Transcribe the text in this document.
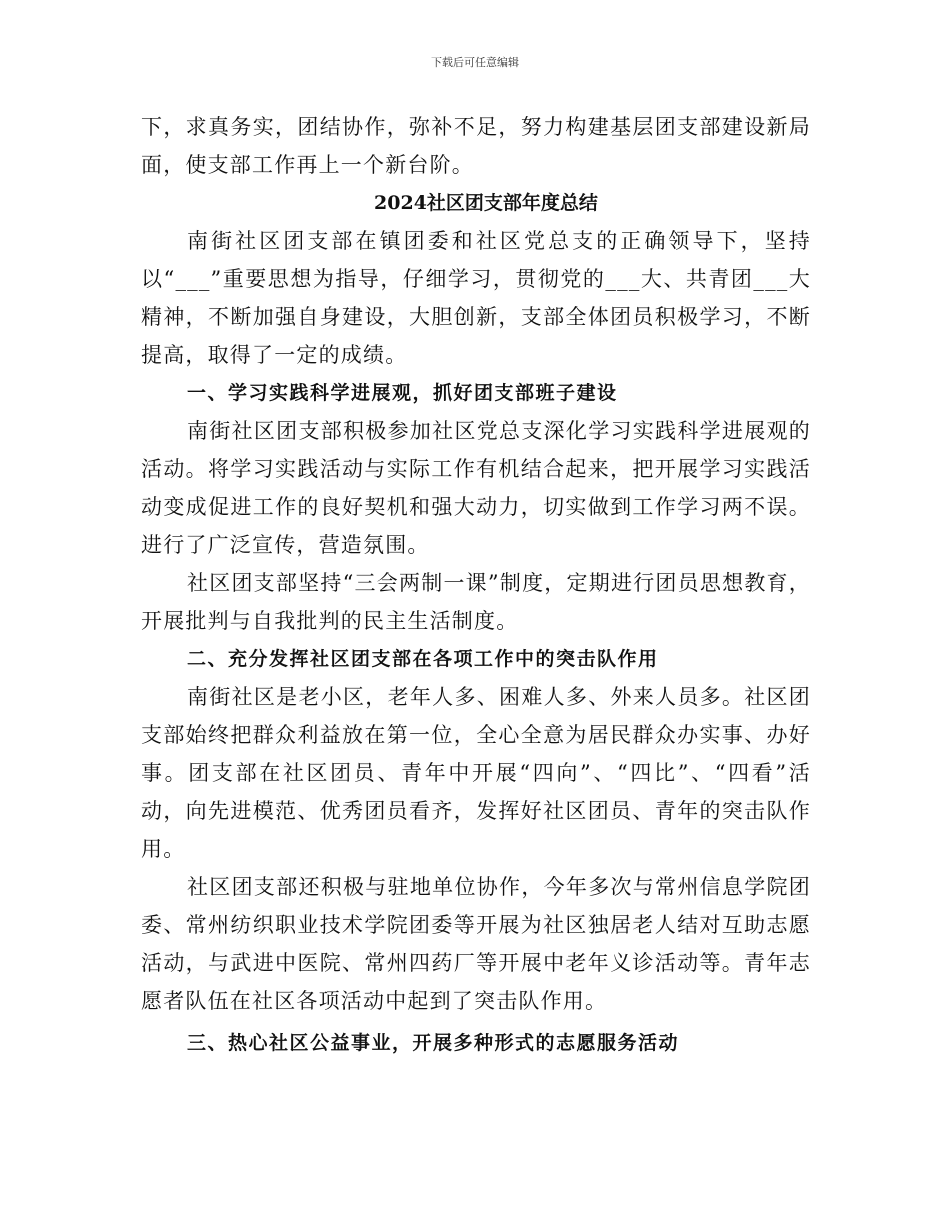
下载后可任意编辑

下，求真务实，团结协作，弥补不足，努力构建基层团支部建设新局面，使支部工作再上一个新台阶。

2024社区团支部年度总结

南街社区团支部在镇团委和社区党总支的正确领导下，坚持以“___”重要思想为指导，仔细学习，贯彻党的___大、共青团___大精神，不断加强自身建设，大胆创新，支部全体团员积极学习，不断提高，取得了一定的成绩。

一、学习实践科学进展观，抓好团支部班子建设

南街社区团支部积极参加社区党总支深化学习实践科学进展观的活动。将学习实践活动与实际工作有机结合起来，把开展学习实践活动变成促进工作的良好契机和强大动力，切实做到工作学习两不误。进行了广泛宣传，营造氛围。

社区团支部坚持“三会两制一课”制度，定期进行团员思想教育，开展批判与自我批判的民主生活制度。

二、充分发挥社区团支部在各项工作中的突击队作用

南街社区是老小区，老年人多、困难人多、外来人员多。社区团支部始终把群众利益放在第一位，全心全意为居民群众办实事、办好事。团支部在社区团员、青年中开展“四向”、“四比”、“四看”活动，向先进模范、优秀团员看齐，发挥好社区团员、青年的突击队作用。

社区团支部还积极与驻地单位协作，今年多次与常州信息学院团委、常州纺织职业技术学院团委等开展为社区独居老人结对互助志愿活动，与武进中医院、常州四药厂等开展中老年义诊活动等。青年志愿者队伍在社区各项活动中起到了突击队作用。

三、热心社区公益事业，开展多种形式的志愿服务活动
